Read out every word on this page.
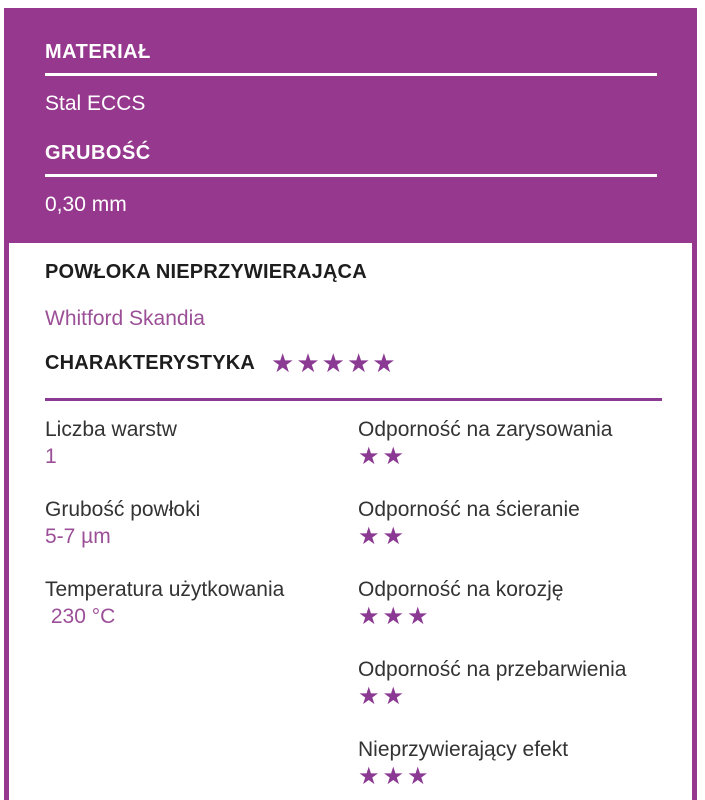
MATERIAŁ
Stal ECCS
GRUBOŚĆ
0,30 mm
POWŁOKA NIEPRZYWIERAJĄCA
Whitford Skandia
CHARAKTERYSTYKA ★★★★★
Liczba warstw
1
Grubość powłoki
5-7 µm
Temperatura użytkowania
230 °C
Odporność na zarysowania
★★
Odporność na ścieranie
★★
Odporność na korozję
★★★
Odporność na przebarwienia
★★
Nieprzywierający efekt
★★★
